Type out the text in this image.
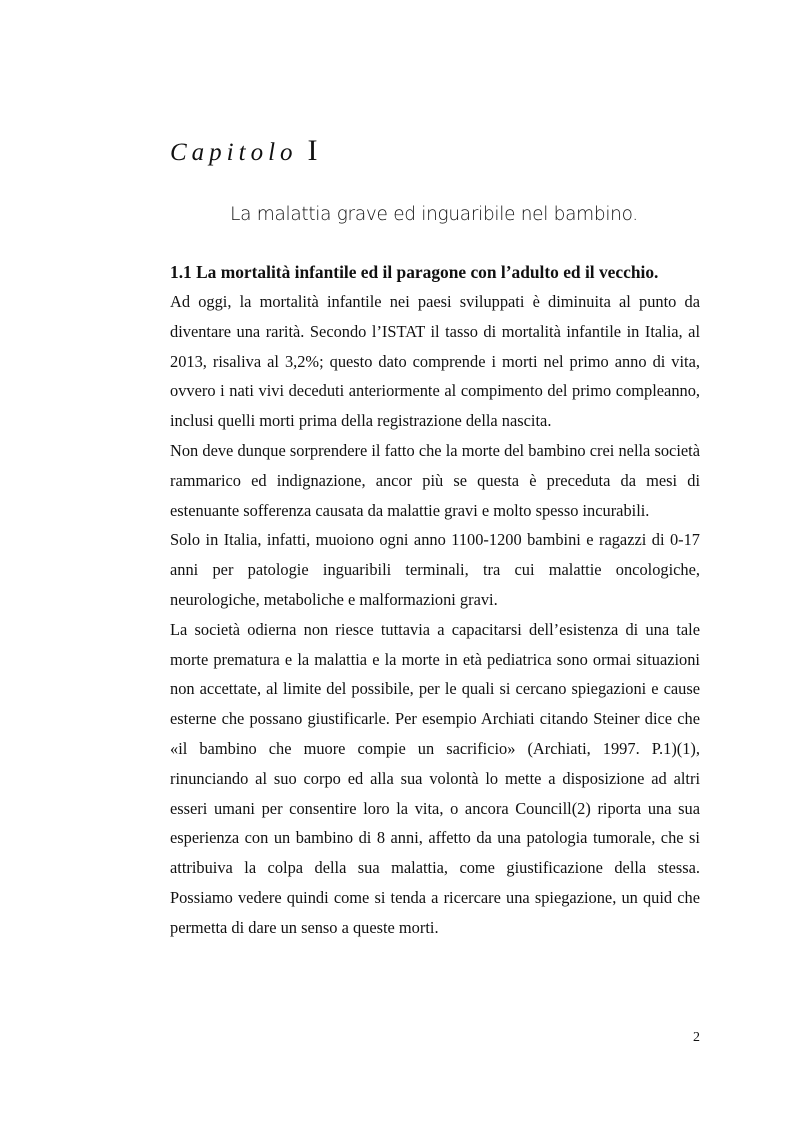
Capitolo I
La malattia grave ed inguaribile nel bambino.
1.1 La mortalità infantile ed il paragone con l’adulto ed il vecchio.

Ad oggi, la mortalità infantile nei paesi sviluppati è diminuita al punto da diventare una rarità. Secondo l’ISTAT il tasso di mortalità infantile in Italia, al 2013, risaliva al 3,2%; questo dato comprende i morti nel primo anno di vita, ovvero i nati vivi deceduti anteriormente al compimento del primo compleanno, inclusi quelli morti prima della registrazione della nascita.

Non deve dunque sorprendere il fatto che la morte del bambino crei nella società rammarico ed indignazione, ancor più se questa è preceduta da mesi di estenuante sofferenza causata da malattie gravi e molto spesso incurabili.

Solo in Italia, infatti, muoiono ogni anno 1100-1200 bambini e ragazzi di 0-17 anni per patologie inguaribili terminali, tra cui malattie oncologiche, neurologiche, metaboliche e malformazioni gravi.

La società odierna non riesce tuttavia a capacitarsi dell’esistenza di una tale morte prematura e la malattia e la morte in età pediatrica sono ormai situazioni non accettate, al limite del possibile, per le quali si cercano spiegazioni e cause esterne che possano giustificarle. Per esempio Archiati citando Steiner dice che «il bambino che muore compie un sacrificio» (Archiati, 1997. P.1)(1), rinunciando al suo corpo ed alla sua volontà lo mette a disposizione ad altri esseri umani per consentire loro la vita, o ancora Councill(2) riporta una sua esperienza con un bambino di 8 anni, affetto da una patologia tumorale, che si attribuiva la colpa della sua malattia, come giustificazione della stessa. Possiamo vedere quindi come si tenda a ricercare una spiegazione, un quid che permetta di dare un senso a queste morti.

2
